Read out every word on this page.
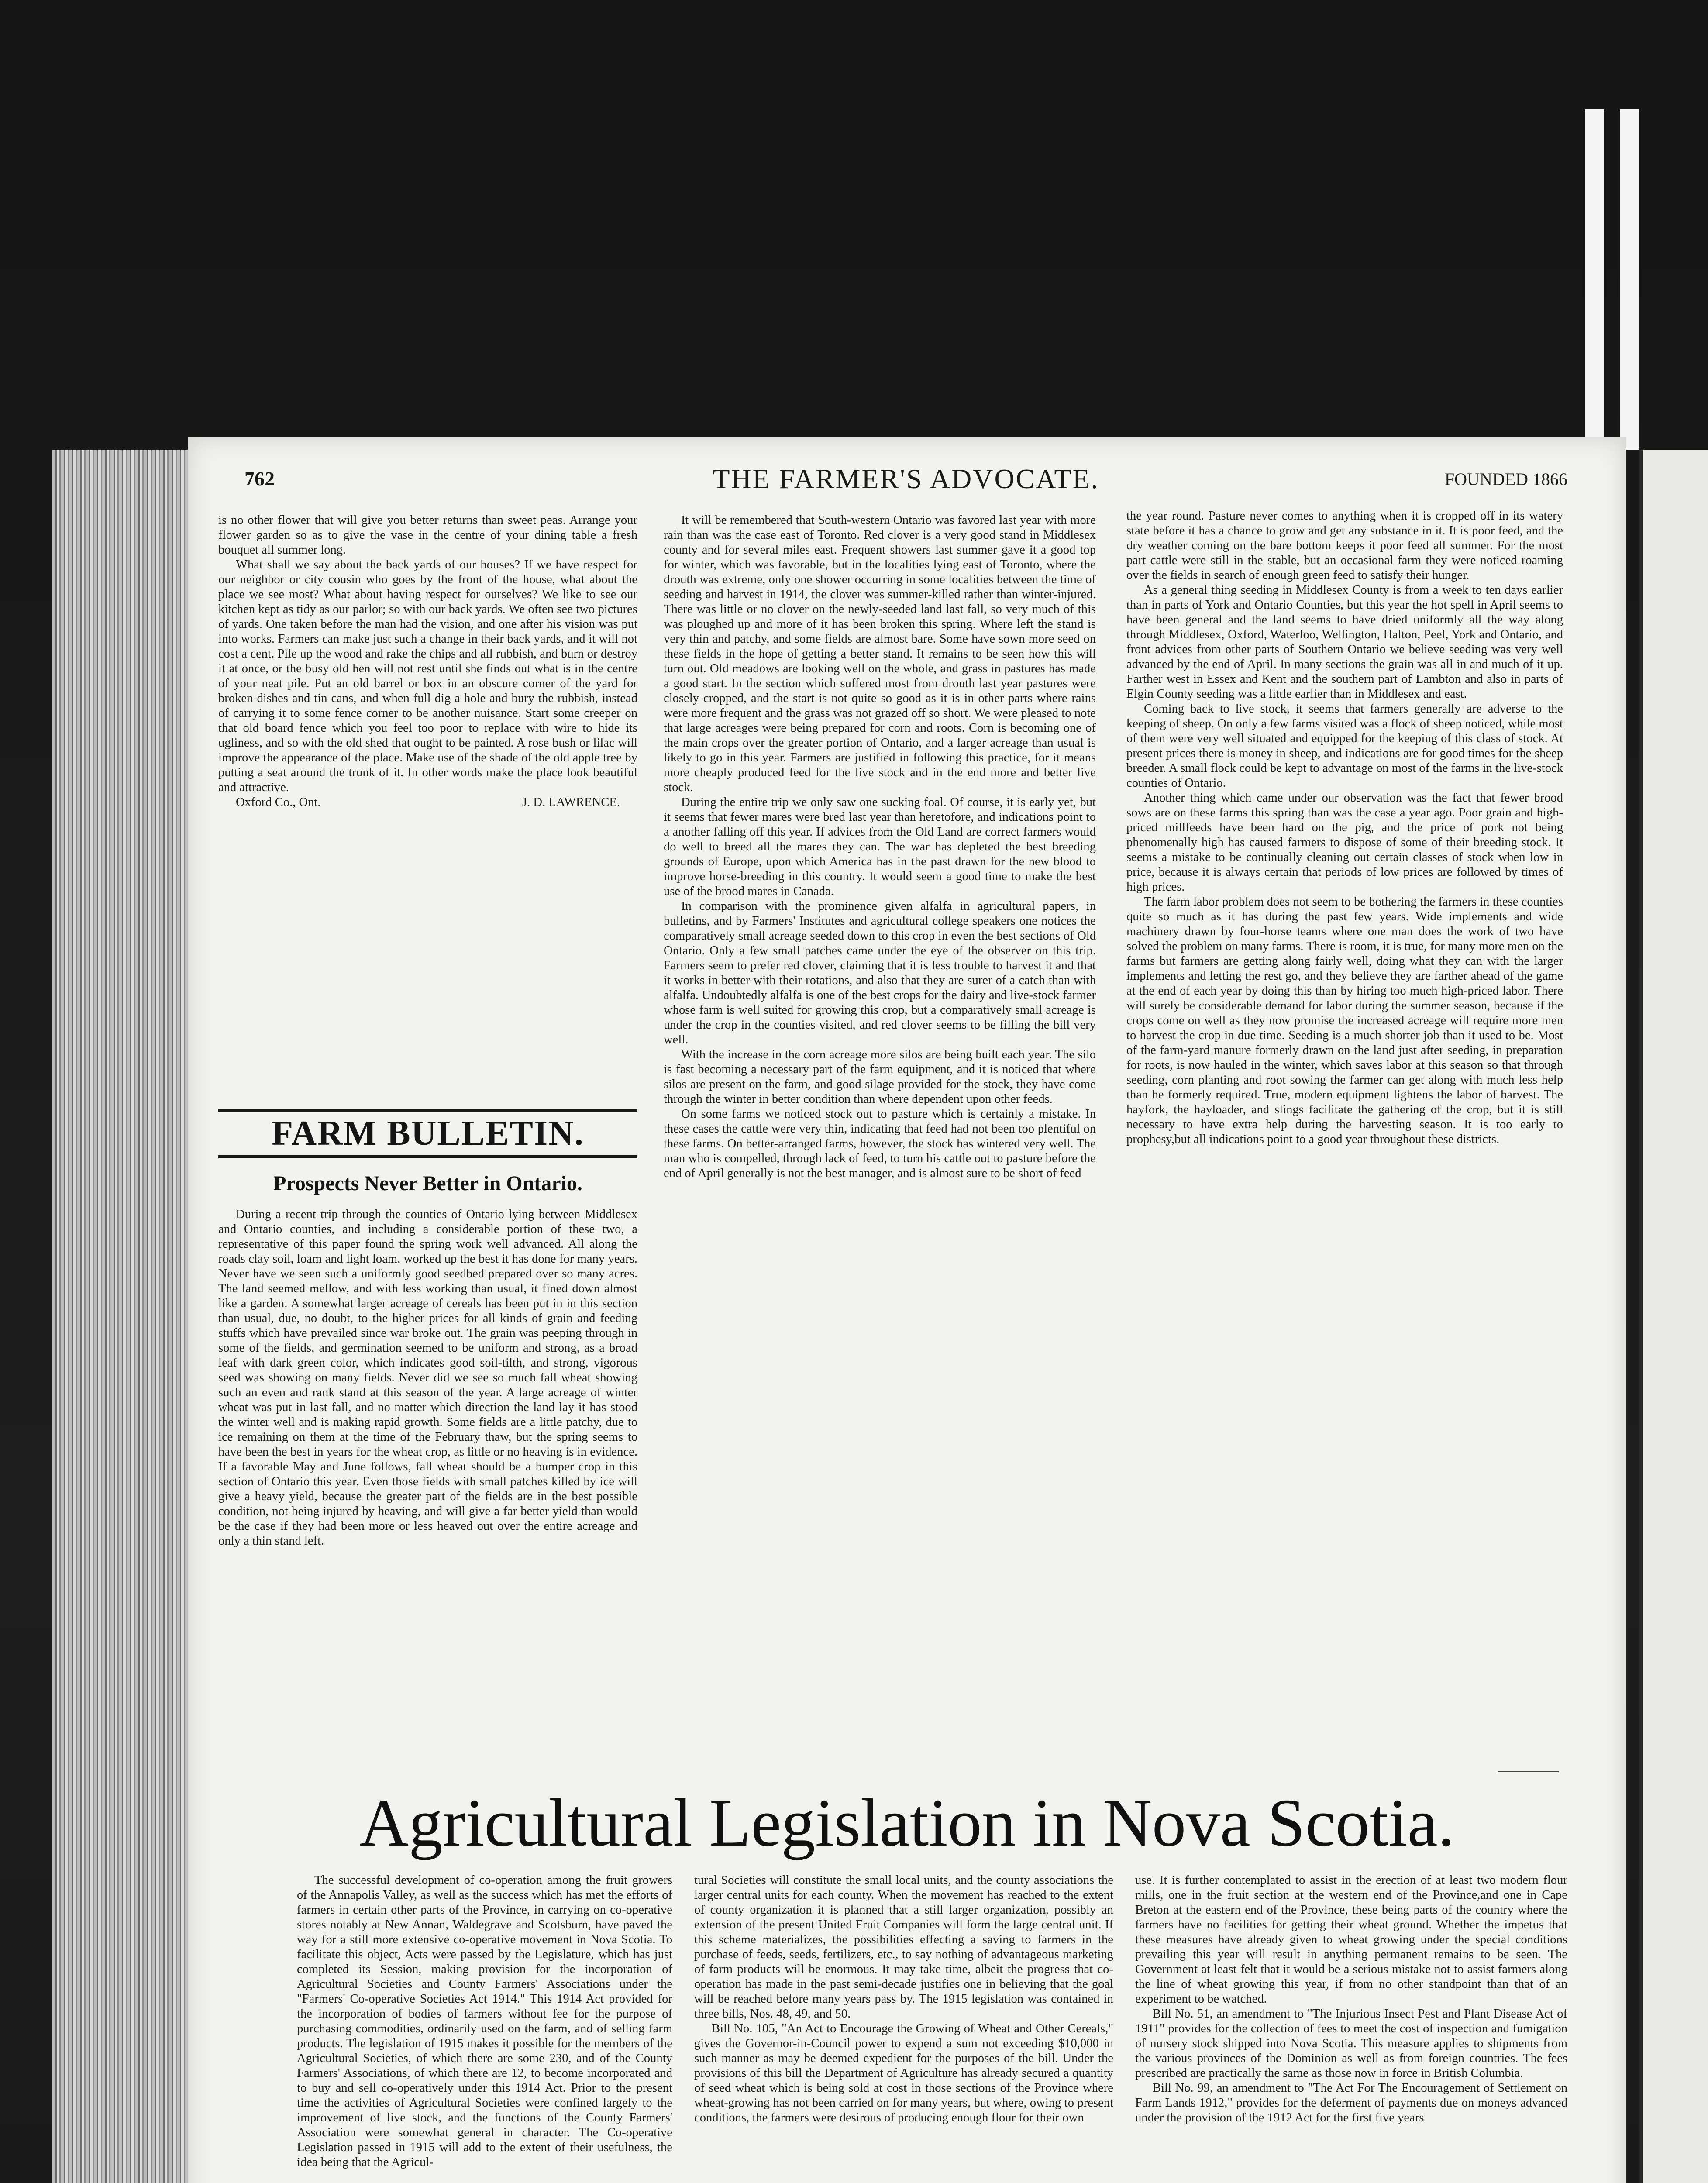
762	THE FARMER'S ADVOCATE.	FOUNDED 1866

is no other flower that will give you better returns than sweet peas. Arrange your flower garden so as to give the vase in the centre of your dining table a fresh bouquet all summer long.

What shall we say about the back yards of our houses? If we have respect for our neighbor or city cousin who goes by the front of the house, what about the place we see most? What about having respect for ourselves? We like to see our kitchen kept as tidy as our parlor; so with our back yards. We often see two pictures of yards. One taken before the man had the vision, and one after his vision was put into works. Farmers can make just such a change in their back yards, and it will not cost a cent. Pile up the wood and rake the chips and all rubbish, and burn or destroy it at once, or the busy old hen will not rest until she finds out what is in the centre of your neat pile. Put an old barrel or box in an obscure corner of the yard for broken dishes and tin cans, and when full dig a hole and bury the rubbish, instead of carrying it to some fence corner to be another nuisance. Start some creeper on that old board fence which you feel too poor to replace with wire to hide its ugliness, and so with the old shed that ought to be painted. A rose bush or lilac will improve the appearance of the place. Make use of the shade of the old apple tree by putting a seat around the trunk of it. In other words make the place look beautiful and attractive.

Oxford Co., Ont.	J. D. LAWRENCE.

FARM BULLETIN.
Prospects Never Better in Ontario.

During a recent trip through the counties of Ontario lying between Middlesex and Ontario counties, and including a considerable portion of these two, a representative of this paper found the spring work well advanced. All along the roads clay soil, loam and light loam, worked up the best it has done for many years. Never have we seen such a uniformly good seedbed prepared over so many acres. The land seemed mellow, and with less working than usual, it fined down almost like a garden. A somewhat larger acreage of cereals has been put in in this section than usual, due, no doubt, to the higher prices for all kinds of grain and feeding stuffs which have prevailed since war broke out. The grain was peeping through in some of the fields, and germination seemed to be uniform and strong, as a broad leaf with dark green color, which indicates good soil-tilth, and strong, vigorous seed was showing on many fields. Never did we see so much fall wheat showing such an even and rank stand at this season of the year. A large acreage of winter wheat was put in last fall, and no matter which direction the land lay it has stood the winter well and is making rapid growth. Some fields are a little patchy, due to ice remaining on them at the time of the February thaw, but the spring seems to have been the best in years for the wheat crop, as little or no heaving is in evidence. If a favorable May and June follows, fall wheat should be a bumper crop in this section of Ontario this year. Even those fields with small patches killed by ice will give a heavy yield, because the greater part of the fields are in the best possible condition, not being injured by heaving, and will give a far better yield than would be the case if they had been more or less heaved out over the entire acreage and only a thin stand left.

It will be remembered that South-western Ontario was favored last year with more rain than was the case east of Toronto. Red clover is a very good stand in Middlesex county and for several miles east. Frequent showers last summer gave it a good top for winter, which was favorable, but in the localities lying east of Toronto, where the drouth was extreme, only one shower occurring in some localities between the time of seeding and harvest in 1914, the clover was summer-killed rather than winter-injured. There was little or no clover on the newly-seeded land last fall, so very much of this was ploughed up and more of it has been broken this spring. Where left the stand is very thin and patchy, and some fields are almost bare. Some have sown more seed on these fields in the hope of getting a better stand. It remains to be seen how this will turn out. Old meadows are looking well on the whole, and grass in pastures has made a good start. In the section which suffered most from drouth last year pastures were closely cropped, and the start is not quite so good as it is in other parts where rains were more frequent and the grass was not grazed off so short. We were pleased to note that large acreages were being prepared for corn and roots. Corn is becoming one of the main crops over the greater portion of Ontario, and a larger acreage than usual is likely to go in this year. Farmers are justified in following this practice, for it means more cheaply produced feed for the live stock and in the end more and better live stock.

During the entire trip we only saw one sucking foal. Of course, it is early yet, but it seems that fewer mares were bred last year than heretofore, and indications point to a another falling off this year. If advices from the Old Land are correct farmers would do well to breed all the mares they can. The war has depleted the best breeding grounds of Europe, upon which America has in the past drawn for the new blood to improve horse-breeding in this country. It would seem a good time to make the best use of the brood mares in Canada.

In comparison with the prominence given alfalfa in agricultural papers, in bulletins, and by Farmers' Institutes and agricultural college speakers one notices the comparatively small acreage seeded down to this crop in even the best sections of Old Ontario. Only a few small patches came under the eye of the observer on this trip. Farmers seem to prefer red clover, claiming that it is less trouble to harvest it and that it works in better with their rotations, and also that they are surer of a catch than with alfalfa. Undoubtedly alfalfa is one of the best crops for the dairy and live-stock farmer whose farm is well suited for growing this crop, but a comparatively small acreage is under the crop in the counties visited, and red clover seems to be filling the bill very well.

With the increase in the corn acreage more silos are being built each year. The silo is fast becoming a necessary part of the farm equipment, and it is noticed that where silos are present on the farm, and good silage provided for the stock, they have come through the winter in better condition than where dependent upon other feeds.

On some farms we noticed stock out to pasture which is certainly a mistake. In these cases the cattle were very thin, indicating that feed had not been too plentiful on these farms. On better-arranged farms, however, the stock has wintered very well. The man who is compelled, through lack of feed, to turn his cattle out to pasture before the end of April generally is not the best manager, and is almost sure to be short of feed

the year round. Pasture never comes to anything when it is cropped off in its watery state before it has a chance to grow and get any substance in it. It is poor feed, and the dry weather coming on the bare bottom keeps it poor feed all summer. For the most part cattle were still in the stable, but an occasional farm they were noticed roaming over the fields in search of enough green feed to satisfy their hunger.

As a general thing seeding in Middlesex County is from a week to ten days earlier than in parts of York and Ontario Counties, but this year the hot spell in April seems to have been general and the land seems to have dried uniformly all the way along through Middlesex, Oxford, Waterloo, Wellington, Halton, Peel, York and Ontario, and front advices from other parts of Southern Ontario we believe seeding was very well advanced by the end of April. In many sections the grain was all in and much of it up. Farther west in Essex and Kent and the southern part of Lambton and also in parts of Elgin County seeding was a little earlier than in Middlesex and east.

Coming back to live stock, it seems that farmers generally are adverse to the keeping of sheep. On only a few farms visited was a flock of sheep noticed, while most of them were very well situated and equipped for the keeping of this class of stock. At present prices there is money in sheep, and indications are for good times for the sheep breeder. A small flock could be kept to advantage on most of the farms in the live-stock counties of Ontario.

Another thing which came under our observation was the fact that fewer brood sows are on these farms this spring than was the case a year ago. Poor grain and high-priced millfeeds have been hard on the pig, and the price of pork not being phenomenally high has caused farmers to dispose of some of their breeding stock. It seems a mistake to be continually cleaning out certain classes of stock when low in price, because it is always certain that periods of low prices are followed by times of high prices.

The farm labor problem does not seem to be bothering the farmers in these counties quite so much as it has during the past few years. Wide implements and wide machinery drawn by four-horse teams where one man does the work of two have solved the problem on many farms. There is room, it is true, for many more men on the farms but farmers are getting along fairly well, doing what they can with the larger implements and letting the rest go, and they believe they are farther ahead of the game at the end of each year by doing this than by hiring too much high-priced labor. There will surely be considerable demand for labor during the summer season, because if the crops come on well as they now promise the increased acreage will require more men to harvest the crop in due time. Seeding is a much shorter job than it used to be. Most of the farm-yard manure formerly drawn on the land just after seeding, in preparation for roots, is now hauled in the winter, which saves labor at this season so that through seeding, corn planting and root sowing the farmer can get along with much less help than he formerly required. True, modern equipment lightens the labor of harvest. The hayfork, the hayloader, and slings facilitate the gathering of the crop, but it is still necessary to have extra help during the harvesting season. It is too early to prophesy,but all indications point to a good year throughout these districts.

Agricultural Legislation in Nova Scotia.

The successful development of co-operation among the fruit growers of the Annapolis Valley, as well as the success which has met the efforts of farmers in certain other parts of the Province, in carrying on co-operative stores notably at New Annan, Waldegrave and Scotsburn, have paved the way for a still more extensive co-operative movement in Nova Scotia. To facilitate this object, Acts were passed by the Legislature, which has just completed its Session, making provision for the incorporation of Agricultural Societies and County Farmers' Associations under the "Farmers' Co-operative Societies Act 1914." This 1914 Act provided for the incorporation of bodies of farmers without fee for the purpose of purchasing commodities, ordinarily used on the farm, and of selling farm products. The legislation of 1915 makes it possible for the members of the Agricultural Societies, of which there are some 230, and of the County Farmers' Associations, of which there are 12, to become incorporated and to buy and sell co-operatively under this 1914 Act. Prior to the present time the activities of Agricultural Societies were confined largely to the improvement of live stock, and the functions of the County Farmers' Association were somewhat general in character. The Co-operative Legislation passed in 1915 will add to the extent of their usefulness, the idea being that the Agricul-

tural Societies will constitute the small local units, and the county associations the larger central units for each county. When the movement has reached to the extent of county organization it is planned that a still larger organization, possibly an extension of the present United Fruit Companies will form the large central unit. If this scheme materializes, the possibilities effecting a saving to farmers in the purchase of feeds, seeds, fertilizers, etc., to say nothing of advantageous marketing of farm products will be enormous. It may take time, albeit the progress that co-operation has made in the past semi-decade justifies one in believing that the goal will be reached before many years pass by. The 1915 legislation was contained in three bills, Nos. 48, 49, and 50.

Bill No. 105, "An Act to Encourage the Growing of Wheat and Other Cereals," gives the Governor-in-Council power to expend a sum not exceeding $10,000 in such manner as may be deemed expedient for the purposes of the bill. Under the provisions of this bill the Department of Agriculture has already secured a quantity of seed wheat which is being sold at cost in those sections of the Province where wheat-growing has not been carried on for many years, but where, owing to present conditions, the farmers were desirous of producing enough flour for their own

use. It is further contemplated to assist in the erection of at least two modern flour mills, one in the fruit section at the western end of the Province,and one in Cape Breton at the eastern end of the Province, these being parts of the country where the farmers have no facilities for getting their wheat ground. Whether the impetus that these measures have already given to wheat growing under the special conditions prevailing this year will result in anything permanent remains to be seen. The Government at least felt that it would be a serious mistake not to assist farmers along the line of wheat growing this year, if from no other standpoint than that of an experiment to be watched.

Bill No. 51, an amendment to "The Injurious Insect Pest and Plant Disease Act of 1911" provides for the collection of fees to meet the cost of inspection and fumigation of nursery stock shipped into Nova Scotia. This measure applies to shipments from the various provinces of the Dominion as well as from foreign countries. The fees prescribed are practically the same as those now in force in British Columbia.

Bill No. 99, an amendment to "The Act For The Encouragement of Settlement on Farm Lands 1912," provides for the deferment of payments due on moneys advanced under the provision of the 1912 Act for the first five years
